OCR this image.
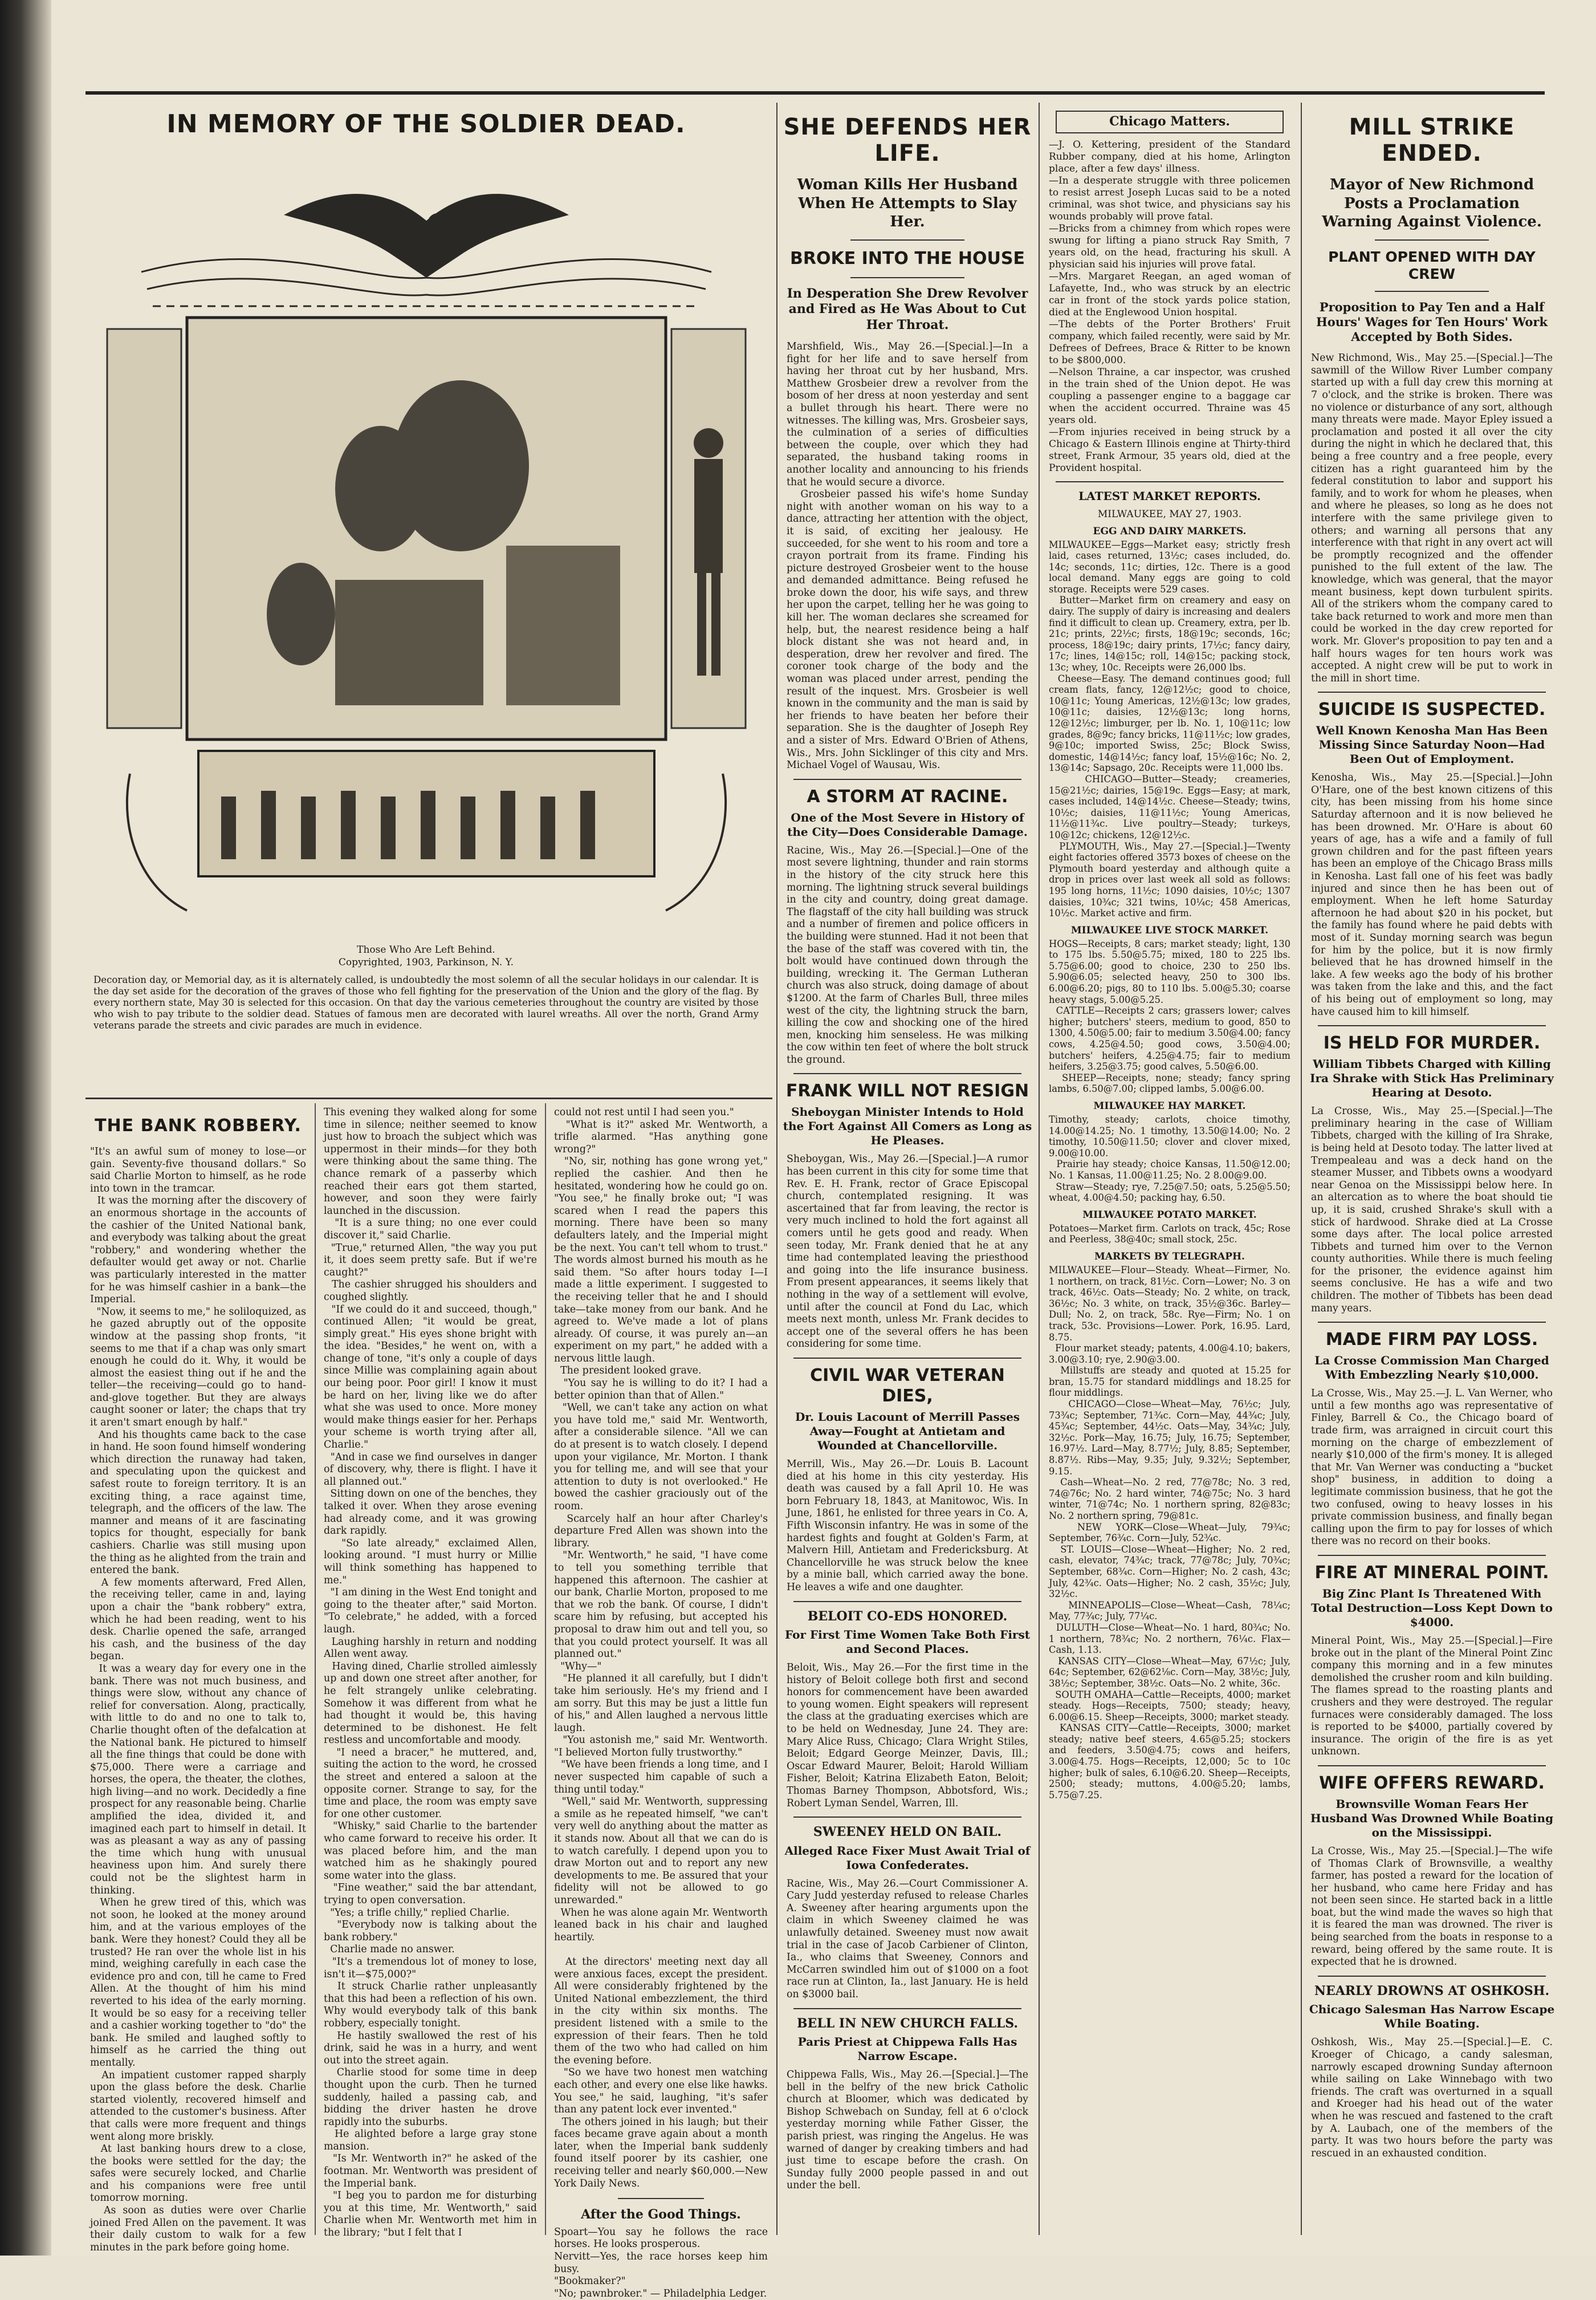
IN MEMORY OF THE SOLDIER DEAD.
Those Who Are Left Behind.
Copyrighted, 1903, Parkinson, N. Y.

Decoration day, or Memorial day, as it is alternately called, is undoubtedly the most solemn of all the secular holidays in our calendar. It is the day set aside for the decoration of the graves of those who fell fighting for the preservation of the Union and the glory of the flag. By every northern state, May 30 is selected for this occasion. On that day the various cemeteries throughout the country are visited by those who wish to pay tribute to the soldier dead. Statues of famous men are decorated with laurel wreaths. All over the north, Grand Army veterans parade the streets and civic parades are much in evidence.

THE BANK ROBBERY.

"It's an awful sum of money to lose—or gain. Seventy-five thousand dollars." So said Charlie Morton to himself, as he rode into town in the tramcar.
It was the morning after the discovery of an enormous shortage in the accounts of the cashier of the United National bank, and everybody was talking about the great "robbery," and wondering whether the defaulter would get away or not. Charlie was particularly interested in the matter for he was himself cashier in a bank—the Imperial.
"Now, it seems to me," he soliloquized, as he gazed abruptly out of the opposite window at the passing shop fronts, "it seems to me that if a chap was only smart enough he could do it. Why, it would be almost the easiest thing out if he and the teller—the receiving—could go to hand-and-glove together. But they are always caught sooner or later; the chaps that try it aren't smart enough by half."
And his thoughts came back to the case in hand. He soon found himself wondering which direction the runaway had taken, and speculating upon the quickest and safest route to foreign territory. It is an exciting thing, a race against time, telegraph, and the officers of the law. The manner and means of it are fascinating topics for thought, especially for bank cashiers. Charlie was still musing upon the thing as he alighted from the train and entered the bank.
A few moments afterward, Fred Allen, the receiving teller, came in and, laying upon a chair the "bank robbery" extra, which he had been reading, went to his desk. Charlie opened the safe, arranged his cash, and the business of the day began.
It was a weary day for every one in the bank. There was not much business, and things were slow, without any chance of relief for conversation. Along, practically, with little to do and no one to talk to, Charlie thought often of the defalcation at the National bank. He pictured to himself all the fine things that could be done with $75,000. There were a carriage and horses, the opera, the theater, the clothes, high living—and no work. Decidedly a fine prospect for any reasonable being. Charlie amplified the idea, divided it, and imagined each part to himself in detail. It was as pleasant a way as any of passing the time which hung with unusual heaviness upon him. And surely there could not be the slightest harm in thinking.
When he grew tired of this, which was not soon, he looked at the money around him, and at the various employes of the bank. Were they honest? Could they all be trusted? He ran over the whole list in his mind, weighing carefully in each case the evidence pro and con, till he came to Fred Allen. At the thought of him his mind reverted to his idea of the early morning. It would be so easy for a receiving teller and a cashier working together to "do" the bank. He smiled and laughed softly to himself as he carried the thing out mentally.
An impatient customer rapped sharply upon the glass before the desk. Charlie started violently, recovered himself and attended to the customer's business. After that calls were more frequent and things went along more briskly.
At last banking hours drew to a close, the books were settled for the day; the safes were securely locked, and Charlie and his companions were free until tomorrow morning.
As soon as duties were over Charlie joined Fred Allen on the pavement. It was their daily custom to walk for a few minutes in the park before going home.

This evening they walked along for some time in silence; neither seemed to know just how to broach the subject which was uppermost in their minds—for they both were thinking about the same thing. The chance remark of a passerby which reached their ears got them started, however, and soon they were fairly launched in the discussion.
"It is a sure thing; no one ever could discover it," said Charlie.
"True," returned Allen, "the way you put it, it does seem pretty safe. But if we're caught?"
The cashier shrugged his shoulders and coughed slightly.
"If we could do it and succeed, though," continued Allen; "it would be great, simply great." His eyes shone bright with the idea. "Besides," he went on, with a change of tone, "it's only a couple of days since Millie was complaining again about our being poor. Poor girl! I know it must be hard on her, living like we do after what she was used to once. More money would make things easier for her. Perhaps your scheme is worth trying after all, Charlie."
"And in case we find ourselves in danger of discovery, why, there is flight. I have it all planned out."
Sitting down on one of the benches, they talked it over. When they arose evening had already come, and it was growing dark rapidly.
"So late already," exclaimed Allen, looking around. "I must hurry or Millie will think something has happened to me."
"I am dining in the West End tonight and going to the theater after," said Morton. "To celebrate," he added, with a forced laugh.
Laughing harshly in return and nodding Allen went away.
Having dined, Charlie strolled aimlessly up and down one street after another, for he felt strangely unlike celebrating. Somehow it was different from what he had thought it would be, this having determined to be dishonest. He felt restless and uncomfortable and moody.
"I need a bracer," he muttered, and, suiting the action to the word, he crossed the street and entered a saloon at the opposite corner. Strange to say, for the time and place, the room was empty save for one other customer.
"Whisky," said Charlie to the bartender who came forward to receive his order. It was placed before him, and the man watched him as he shakingly poured some water into the glass.
"Fine weather," said the bar attendant, trying to open conversation.
"Yes; a trifle chilly," replied Charlie.
"Everybody now is talking about the bank robbery."
Charlie made no answer.
"It's a tremendous lot of money to lose, isn't it—$75,000?"
It struck Charlie rather unpleasantly that this had been a reflection of his own. Why would everybody talk of this bank robbery, especially tonight.
He hastily swallowed the rest of his drink, said he was in a hurry, and went out into the street again.
Charlie stood for some time in deep thought upon the curb. Then he turned suddenly, hailed a passing cab, and bidding the driver hasten he drove rapidly into the suburbs.
He alighted before a large gray stone mansion.
"Is Mr. Wentworth in?" he asked of the footman. Mr. Wentworth was president of the Imperial bank.
"I beg you to pardon me for disturbing you at this time, Mr. Wentworth," said Charlie when Mr. Wentworth met him in the library; "but I felt that I

could not rest until I had seen you."
"What is it?" asked Mr. Wentworth, a trifle alarmed. "Has anything gone wrong?"
"No, sir, nothing has gone wrong yet," replied the cashier. And then he hesitated, wondering how he could go on. "You see," he finally broke out; "I was scared when I read the papers this morning. There have been so many defaulters lately, and the Imperial might be the next. You can't tell whom to trust." The words almost burned his mouth as he said them. "So after hours today I—I made a little experiment. I suggested to the receiving teller that he and I should take—take money from our bank. And he agreed to. We've made a lot of plans already. Of course, it was purely an—an experiment on my part," he added with a nervous little laugh.
The president looked grave.
"You say he is willing to do it? I had a better opinion than that of Allen."
"Well, we can't take any action on what you have told me," said Mr. Wentworth, after a considerable silence. "All we can do at present is to watch closely. I depend upon your vigilance, Mr. Morton. I thank you for telling me, and will see that your attention to duty is not overlooked." He bowed the cashier graciously out of the room.
Scarcely half an hour after Charley's departure Fred Allen was shown into the library.
"Mr. Wentworth," he said, "I have come to tell you something terrible that happened this afternoon. The cashier at our bank, Charlie Morton, proposed to me that we rob the bank. Of course, I didn't scare him by refusing, but accepted his proposal to draw him out and tell you, so that you could protect yourself. It was all planned out."
"Why—"
"He planned it all carefully, but I didn't take him seriously. He's my friend and I am sorry. But this may be just a little fun of his," and Allen laughed a nervous little laugh.
"You astonish me," said Mr. Wentworth. "I believed Morton fully trustworthy."
"We have been friends a long time, and I never suspected him capable of such a thing until today."
"Well," said Mr. Wentworth, suppressing a smile as he repeated himself, "we can't very well do anything about the matter as it stands now. About all that we can do is to watch carefully. I depend upon you to draw Morton out and to report any new developments to me. Be assured that your fidelity will not be allowed to go unrewarded."
When he was alone again Mr. Wentworth leaned back in his chair and laughed heartily.

At the directors' meeting next day all were anxious faces, except the president. All were considerably frightened by the United National embezzlement, the third in the city within six months. The president listened with a smile to the expression of their fears. Then he told them of the two who had called on him the evening before.
"So we have two honest men watching each other, and every one else like hawks. You see," he said, laughing, "it's safer than any patent lock ever invented."
The others joined in his laugh; but their faces became grave again about a month later, when the Imperial bank suddenly found itself poorer by its cashier, one receiving teller and nearly $60,000.—New York Daily News.

After the Good Things.

Spoart—You say he follows the race horses. He looks prosperous.
Nervitt—Yes, the race horses keep him busy.
"Bookmaker?"
"No; pawnbroker." — Philadelphia Ledger.

SHE DEFENDS HER LIFE.
Woman Kills Her Husband When He Attempts to Slay Her.
BROKE INTO THE HOUSE
In Desperation She Drew Revolver and Fired as He Was About to Cut Her Throat.

Marshfield, Wis., May 26.—[Special.]—In a fight for her life and to save herself from having her throat cut by her husband, Mrs. Matthew Grosbeier drew a revolver from the bosom of her dress at noon yesterday and sent a bullet through his heart. There were no witnesses. The killing was, Mrs. Grosbeier says, the culmination of a series of difficulties between the couple, over which they had separated, the husband taking rooms in another locality and announcing to his friends that he would secure a divorce.
Grosbeier passed his wife's home Sunday night with another woman on his way to a dance, attracting her attention with the object, it is said, of exciting her jealousy. He succeeded, for she went to his room and tore a crayon portrait from its frame. Finding his picture destroyed Grosbeier went to the house and demanded admittance. Being refused he broke down the door, his wife says, and threw her upon the carpet, telling her he was going to kill her. The woman declares she screamed for help, but, the nearest residence being a half block distant she was not heard and, in desperation, drew her revolver and fired. The coroner took charge of the body and the woman was placed under arrest, pending the result of the inquest. Mrs. Grosbeier is well known in the community and the man is said by her friends to have beaten her before their separation. She is the daughter of Joseph Rey and a sister of Mrs. Edward O'Brien of Athens, Wis., Mrs. John Sicklinger of this city and Mrs. Michael Vogel of Wausau, Wis.

A STORM AT RACINE.
One of the Most Severe in History of the City—Does Considerable Damage.

Racine, Wis., May 26.—[Special.]—One of the most severe lightning, thunder and rain storms in the history of the city struck here this morning. The lightning struck several buildings in the city and country, doing great damage. The flagstaff of the city hall building was struck and a number of firemen and police officers in the building were stunned. Had it not been that the base of the staff was covered with tin, the bolt would have continued down through the building, wrecking it. The German Lutheran church was also struck, doing damage of about $1200. At the farm of Charles Bull, three miles west of the city, the lightning struck the barn, killing the cow and shocking one of the hired men, knocking him senseless. He was milking the cow within ten feet of where the bolt struck the ground.

FRANK WILL NOT RESIGN
Sheboygan Minister Intends to Hold the Fort Against All Comers as Long as He Pleases.

Sheboygan, Wis., May 26.—[Special.]—A rumor has been current in this city for some time that Rev. E. H. Frank, rector of Grace Episcopal church, contemplated resigning. It was ascertained that far from leaving, the rector is very much inclined to hold the fort against all comers until he gets good and ready. When seen today, Mr. Frank denied that he at any time had contemplated leaving the priesthood and going into the life insurance business. From present appearances, it seems likely that nothing in the way of a settlement will evolve, until after the council at Fond du Lac, which meets next month, unless Mr. Frank decides to accept one of the several offers he has been considering for some time.

CIVIL WAR VETERAN DIES,
Dr. Louis Lacount of Merrill Passes Away—Fought at Antietam and Wounded at Chancellorville.

Merrill, Wis., May 26.—Dr. Louis B. Lacount died at his home in this city yesterday. His death was caused by a fall April 10. He was born February 18, 1843, at Manitowoc, Wis. In June, 1861, he enlisted for three years in Co. A, Fifth Wisconsin infantry. He was in some of the hardest fights and fought at Golden's Farm, at Malvern Hill, Antietam and Fredericksburg. At Chancellorville he was struck below the knee by a minie ball, which carried away the bone. He leaves a wife and one daughter.

BELOIT CO-EDS HONORED.
For First Time Women Take Both First and Second Places.

Beloit, Wis., May 26.—For the first time in the history of Beloit college both first and second honors for commencement have been awarded to young women. Eight speakers will represent the class at the graduating exercises which are to be held on Wednesday, June 24. They are: Mary Alice Russ, Chicago; Clara Wright Stiles, Beloit; Edgard George Meinzer, Davis, Ill.; Oscar Edward Maurer, Beloit; Harold William Fisher, Beloit; Katrina Elizabeth Eaton, Beloit; Thomas Barney Thompson, Abbotsford, Wis.; Robert Lyman Sendel, Warren, Ill.

SWEENEY HELD ON BAIL.
Alleged Race Fixer Must Await Trial of Iowa Confederates.

Racine, Wis., May 26.—Court Commissioner A. Cary Judd yesterday refused to release Charles A. Sweeney after hearing arguments upon the claim in which Sweeney claimed he was unlawfully detained. Sweeney must now await trial in the case of Jacob Carbiener of Clinton, Ia., who claims that Sweeney, Connors and McCarren swindled him out of $1000 on a foot race run at Clinton, Ia., last January. He is held on $3000 bail.

BELL IN NEW CHURCH FALLS.
Paris Priest at Chippewa Falls Has Narrow Escape.

Chippewa Falls, Wis., May 26.—[Special.]—The bell in the belfry of the new brick Catholic church at Bloomer, which was dedicated by Bishop Schwebach on Sunday, fell at 6 o'clock yesterday morning while Father Gisser, the parish priest, was ringing the Angelus. He was warned of danger by creaking timbers and had just time to escape before the crash. On Sunday fully 2000 people passed in and out under the bell.

Chicago Matters.

—J. O. Kettering, president of the Standard Rubber company, died at his home, Arlington place, after a few days' illness.
—In a desperate struggle with three policemen to resist arrest Joseph Lucas said to be a noted criminal, was shot twice, and physicians say his wounds probably will prove fatal.
—Bricks from a chimney from which ropes were swung for lifting a piano struck Ray Smith, 7 years old, on the head, fracturing his skull. A physician said his injuries will prove fatal.
—Mrs. Margaret Reegan, an aged woman of Lafayette, Ind., who was struck by an electric car in front of the stock yards police station, died at the Englewood Union hospital.
—The debts of the Porter Brothers' Fruit company, which failed recently, were said by Mr. Defrees of Defrees, Brace & Ritter to be known to be $800,000.
—Nelson Thraine, a car inspector, was crushed in the train shed of the Union depot. He was coupling a passenger engine to a baggage car when the accident occurred. Thraine was 45 years old.
—From injuries received in being struck by a Chicago & Eastern Illinois engine at Thirty-third street, Frank Armour, 35 years old, died at the Provident hospital.

LATEST MARKET REPORTS.
MILWAUKEE, MAY 27, 1903.
EGG AND DAIRY MARKETS.

MILWAUKEE—Eggs—Market easy; strictly fresh laid, cases returned, 13½c; cases included, do. 14c; seconds, 11c; dirties, 12c. There is a good local demand. Many eggs are going to cold storage. Receipts were 529 cases.
Butter—Market firm on creamery and easy on dairy. The supply of dairy is increasing and dealers find it difficult to clean up. Creamery, extra, per lb. 21c; prints, 22½c; firsts, 18@19c; seconds, 16c; process, 18@19c; dairy prints, 17½c; fancy dairy, 17c; lines, 14@15c; roll, 14@15c; packing stock, 13c; whey, 10c. Receipts were 26,000 lbs.
Cheese—Easy. The demand continues good; full cream flats, fancy, 12@12½c; good to choice, 10@11c; Young Americas, 12½@13c; low grades, 10@11c; daisies, 12½@13c; long horns, 12@12½c; limburger, per lb. No. 1, 10@11c; low grades, 8@9c; fancy bricks, 11@11½c; low grades, 9@10c; imported Swiss, 25c; Block Swiss, domestic, 14@14½c; fancy loaf, 15½@16c; No. 2, 13@14c; Sapsago, 20c. Receipts were 11,000 lbs.
CHICAGO—Butter—Steady; creameries, 15@21½c; dairies, 15@19c. Eggs—Easy; at mark, cases included, 14@14½c. Cheese—Steady; twins, 10½c; daisies, 11@11½c; Young Americas, 11½@11¾c. Live poultry—Steady; turkeys, 10@12c; chickens, 12@12½c.
PLYMOUTH, Wis., May 27.—[Special.]—Twenty eight factories offered 3573 boxes of cheese on the Plymouth board yesterday and although quite a drop in prices over last week all sold as follows: 195 long horns, 11½c; 1090 daisies, 10½c; 1307 daisies, 10¾c; 321 twins, 10¼c; 458 Americas, 10½c. Market active and firm.

MILWAUKEE LIVE STOCK MARKET.

HOGS—Receipts, 8 cars; market steady; light, 130 to 175 lbs. 5.50@5.75; mixed, 180 to 225 lbs. 5.75@6.00; good to choice, 230 to 250 lbs. 5.90@6.05; selected heavy, 250 to 300 lbs. 6.00@6.20; pigs, 80 to 110 lbs. 5.00@5.30; coarse heavy stags, 5.00@5.25.
CATTLE—Receipts 2 cars; grassers lower; calves higher; butchers' steers, medium to good, 850 to 1300, 4.50@5.00; fair to medium 3.50@4.00; fancy cows, 4.25@4.50; good cows, 3.50@4.00; butchers' heifers, 4.25@4.75; fair to medium heifers, 3.25@3.75; good calves, 5.50@6.00.
SHEEP—Receipts, none; steady; fancy spring lambs, 6.50@7.00; clipped lambs, 5.00@6.00.

MILWAUKEE HAY MARKET.

Timothy, steady; carlots, choice timothy, 14.00@14.25; No. 1 timothy, 13.50@14.00; No. 2 timothy, 10.50@11.50; clover and clover mixed, 9.00@10.00.
Prairie hay steady; choice Kansas, 11.50@12.00; No. 1 Kansas, 11.00@11.25; No. 2 8.00@9.00.
Straw—Steady; rye, 7.25@7.50; oats, 5.25@5.50; wheat, 4.00@4.50; packing hay, 6.50.

MILWAUKEE POTATO MARKET.

Potatoes—Market firm. Carlots on track, 45c; Rose and Peerless, 38@40c; small stock, 25c.

MARKETS BY TELEGRAPH.

MILWAUKEE—Flour—Steady. Wheat—Firmer, No. 1 northern, on track, 81½c. Corn—Lower; No. 3 on track, 46½c. Oats—Steady; No. 2 white, on track, 36½c; No. 3 white, on track, 35½@36c. Barley—Dull; No. 2, on track, 58c. Rye—Firm; No. 1 on track, 53c. Provisions—Lower. Pork, 16.95. Lard, 8.75.
Flour market steady; patents, 4.00@4.10; bakers, 3.00@3.10; rye, 2.90@3.00.
Millstuffs are steady and quoted at 15.25 for bran, 15.75 for standard middlings and 18.25 for flour middlings.
CHICAGO—Close—Wheat—May, 76½c; July, 73¾c; September, 71¾c. Corn—May, 44¾c; July, 45¾c; September, 44½c. Oats—May, 34¾c; July, 32½c. Pork—May, 16.75; July, 16.75; September, 16.97½. Lard—May, 8.77½; July, 8.85; September, 8.87½. Ribs—May, 9.35; July, 9.32½; September, 9.15.
Cash—Wheat—No. 2 red, 77@78c; No. 3 red, 74@76c; No. 2 hard winter, 74@75c; No. 3 hard winter, 71@74c; No. 1 northern spring, 82@83c; No. 2 northern spring, 79@81c.
NEW YORK—Close—Wheat—July, 79¾c; September, 76¾c. Corn—July, 52¾c.
ST. LOUIS—Close—Wheat—Higher; No. 2 red, cash, elevator, 74¾c; track, 77@78c; July, 70¾c; September, 68¾c. Corn—Higher; No. 2 cash, 43c; July, 42¾c. Oats—Higher; No. 2 cash, 35½c; July, 32½c.
MINNEAPOLIS—Close—Wheat—Cash, 78¼c; May, 77¾c; July, 77¼c.
DULUTH—Close—Wheat—No. 1 hard, 80¾c; No. 1 northern, 78¾c; No. 2 northern, 76¼c. Flax—Cash, 1.13.
KANSAS CITY—Close—Wheat—May, 67½c; July, 64c; September, 62@62⅛c. Corn—May, 38½c; July, 38½c; September, 38½c. Oats—No. 2 white, 36c.
SOUTH OMAHA—Cattle—Receipts, 4000; market steady. Hogs—Receipts, 7500; steady; heavy, 6.00@6.15. Sheep—Receipts, 3000; market steady.
KANSAS CITY—Cattle—Receipts, 3000; market steady; native beef steers, 4.65@5.25; stockers and feeders, 3.50@4.75; cows and heifers, 3.00@4.75. Hogs—Receipts, 12,000; 5c to 10c higher; bulk of sales, 6.10@6.20. Sheep—Receipts, 2500; steady; muttons, 4.00@5.20; lambs, 5.75@7.25.

MILL STRIKE ENDED.
Mayor of New Richmond Posts a Proclamation Warning Against Violence.
PLANT OPENED WITH DAY CREW
Proposition to Pay Ten and a Half Hours' Wages for Ten Hours' Work Accepted by Both Sides.

New Richmond, Wis., May 25.—[Special.]—The sawmill of the Willow River Lumber company started up with a full day crew this morning at 7 o'clock, and the strike is broken. There was no violence or disturbance of any sort, although many threats were made. Mayor Epley issued a proclamation and posted it all over the city during the night in which he declared that, this being a free country and a free people, every citizen has a right guaranteed him by the federal constitution to labor and support his family, and to work for whom he pleases, when and where he pleases, so long as he does not interfere with the same privilege given to others; and warning all persons that any interference with that right in any overt act will be promptly recognized and the offender punished to the full extent of the law. The knowledge, which was general, that the mayor meant business, kept down turbulent spirits. All of the strikers whom the company cared to take back returned to work and more men than could be worked in the day crew reported for work. Mr. Glover's proposition to pay ten and a half hours wages for ten hours work was accepted. A night crew will be put to work in the mill in short time.

SUICIDE IS SUSPECTED.
Well Known Kenosha Man Has Been Missing Since Saturday Noon—Had Been Out of Employment.

Kenosha, Wis., May 25.—[Special.]—John O'Hare, one of the best known citizens of this city, has been missing from his home since Saturday afternoon and it is now believed he has been drowned. Mr. O'Hare is about 60 years of age, has a wife and a family of full grown children and for the past fifteen years has been an employe of the Chicago Brass mills in Kenosha. Last fall one of his feet was badly injured and since then he has been out of employment. When he left home Saturday afternoon he had about $20 in his pocket, but the family has found where he paid debts with most of it. Sunday morning search was begun for him by the police, but it is now firmly believed that he has drowned himself in the lake. A few weeks ago the body of his brother was taken from the lake and this, and the fact of his being out of employment so long, may have caused him to kill himself.

IS HELD FOR MURDER.
William Tibbets Charged with Killing Ira Shrake with Stick Has Preliminary Hearing at Desoto.

La Crosse, Wis., May 25.—[Special.]—The preliminary hearing in the case of William Tibbets, charged with the killing of Ira Shrake, is being held at Desoto today. The latter lived at Trempealeau and was a deck hand on the steamer Musser, and Tibbets owns a woodyard near Genoa on the Mississippi below here. In an altercation as to where the boat should tie up, it is said, crushed Shrake's skull with a stick of hardwood. Shrake died at La Crosse some days after. The local police arrested Tibbets and turned him over to the Vernon county authorities. While there is much feeling for the prisoner, the evidence against him seems conclusive. He has a wife and two children. The mother of Tibbets has been dead many years.

MADE FIRM PAY LOSS.
La Crosse Commission Man Charged With Embezzling Nearly $10,000.

La Crosse, Wis., May 25.—J. L. Van Werner, who until a few months ago was representative of Finley, Barrell & Co., the Chicago board of trade firm, was arraigned in circuit court this morning on the charge of embezzlement of nearly $10,000 of the firm's money. It is alleged that Mr. Van Werner was conducting a "bucket shop" business, in addition to doing a legitimate commission business, that he got the two confused, owing to heavy losses in his private commission business, and finally began calling upon the firm to pay for losses of which there was no record on their books.

FIRE AT MINERAL POINT.
Big Zinc Plant Is Threatened With Total Destruction—Loss Kept Down to $4000.

Mineral Point, Wis., May 25.—[Special.]—Fire broke out in the plant of the Mineral Point Zinc company this morning and in a few minutes demolished the crusher room and kiln building. The flames spread to the roasting plants and crushers and they were destroyed. The regular furnaces were considerably damaged. The loss is reported to be $4000, partially covered by insurance. The origin of the fire is as yet unknown.

WIFE OFFERS REWARD.
Brownsville Woman Fears Her Husband Was Drowned While Boating on the Mississippi.

La Crosse, Wis., May 25.—[Special.]—The wife of Thomas Clark of Brownsville, a wealthy farmer, has posted a reward for the location of her husband, who came here Friday and has not been seen since. He started back in a little boat, but the wind made the waves so high that it is feared the man was drowned. The river is being searched from the boats in response to a reward, being offered by the same route. It is expected that he is drowned.

NEARLY DROWNS AT OSHKOSH.
Chicago Salesman Has Narrow Escape While Boating.

Oshkosh, Wis., May 25.—[Special.]—E. C. Kroeger of Chicago, a candy salesman, narrowly escaped drowning Sunday afternoon while sailing on Lake Winnebago with two friends. The craft was overturned in a squall and Kroeger had his head out of the water when he was rescued and fastened to the craft by A. Laubach, one of the members of the party. It was two hours before the party was rescued in an exhausted condition.
